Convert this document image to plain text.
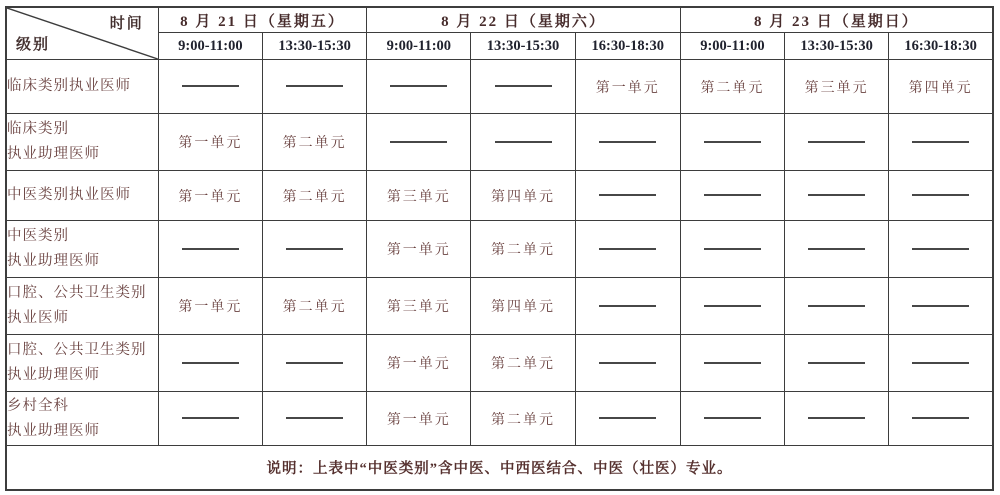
时间
级别	8 月 21 日（星期五）		8 月 22 日（星期六）			8 月 23 日（星期日）		
	9:00-11:00	13:30-15:30	9:00-11:00	13:30-15:30	16:30-18:30	9:00-11:00	13:30-15:30	16:30-18:30
临床类别执业医师					第一单元	第二单元	第三单元	第四单元
临床类别
执业助理医师	第一单元	第二单元						
中医类别执业医师	第一单元	第二单元	第三单元	第四单元				
中医类别
执业助理医师			第一单元	第二单元				
口腔、公共卫生类别
执业医师	第一单元	第二单元	第三单元	第四单元				
口腔、公共卫生类别
执业助理医师			第一单元	第二单元				
乡村全科
执业助理医师			第一单元	第二单元				
说明：上表中“中医类别”含中医、中西医结合、中医（壮医）专业。								
